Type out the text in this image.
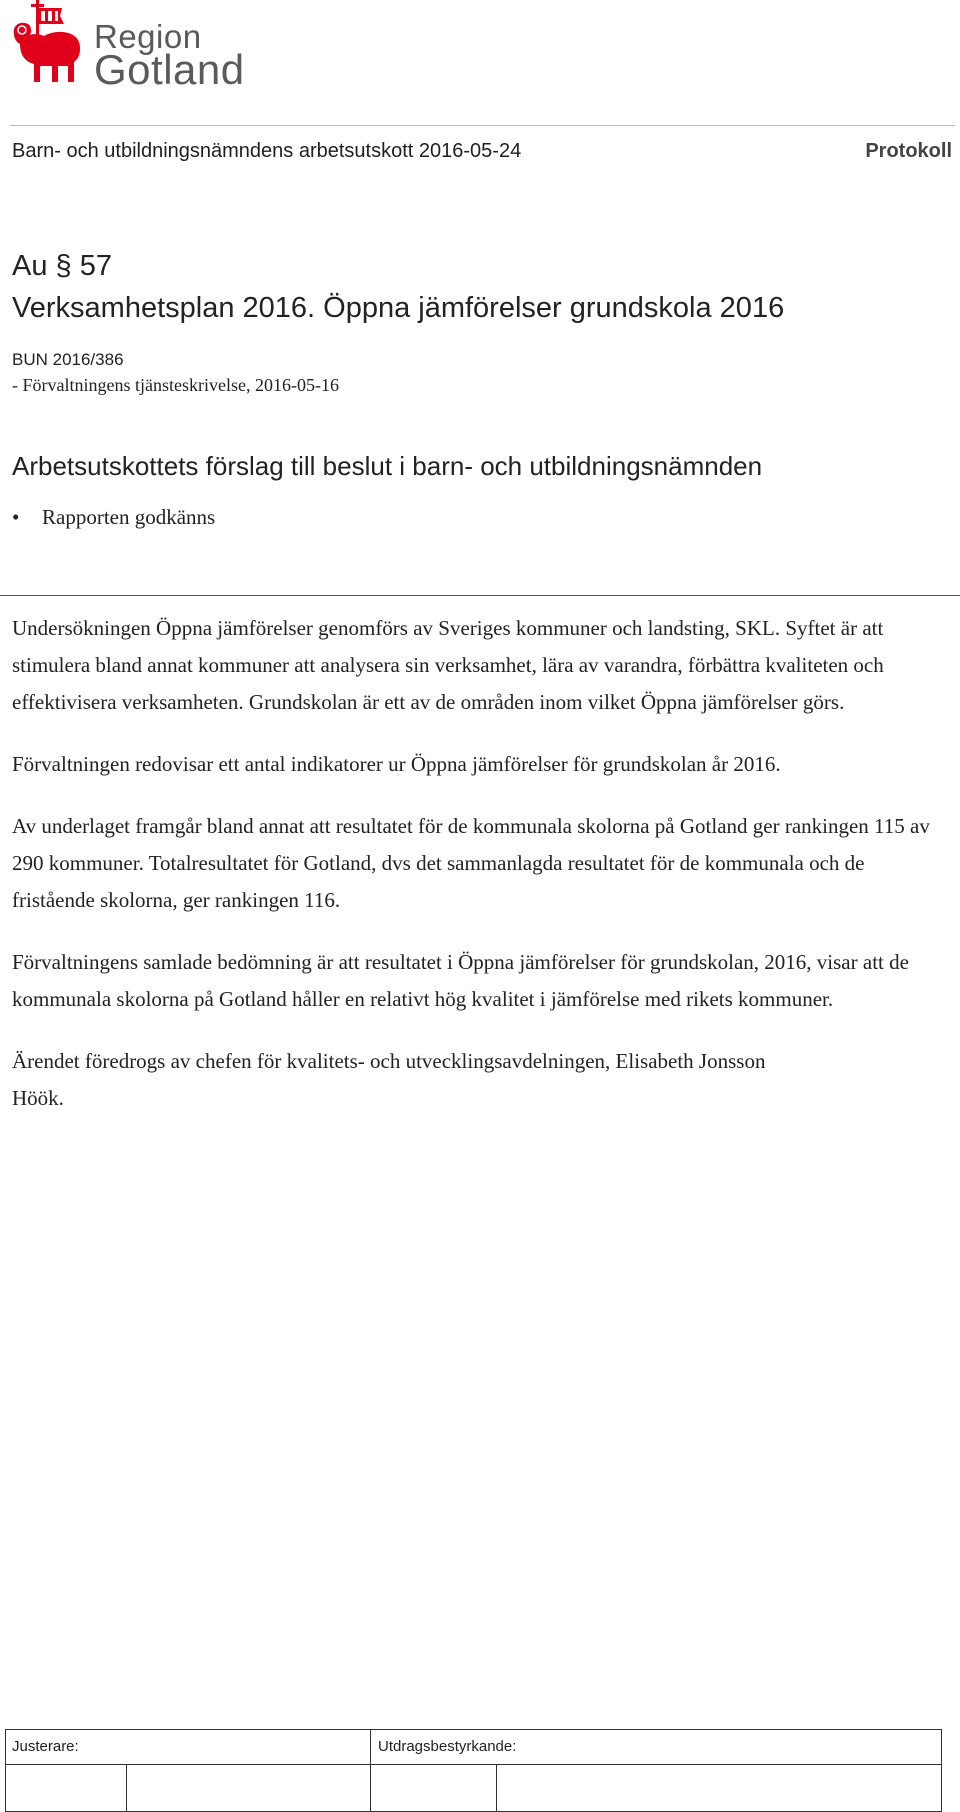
Region
Gotland
Barn- och utbildningsnämndens arbetsutskott 2016-05-24	Protokoll
Au § 57
Verksamhetsplan 2016. Öppna jämförelser grundskola 2016
BUN 2016/386
- Förvaltningens tjänsteskrivelse, 2016-05-16
Arbetsutskottets förslag till beslut i barn- och utbildningsnämnden
• Rapporten godkänns

Undersökningen Öppna jämförelser genomförs av Sveriges kommuner och landsting, SKL. Syftet är att stimulera bland annat kommuner att analysera sin verksamhet, lära av varandra, förbättra kvaliteten och effektivisera verksamheten. Grundskolan är ett av de områden inom vilket Öppna jämförelser görs.

Förvaltningen redovisar ett antal indikatorer ur Öppna jämförelser för grundskolan år 2016.

Av underlaget framgår bland annat att resultatet för de kommunala skolorna på Gotland ger rankingen 115 av 290 kommuner. Totalresultatet för Gotland, dvs det sammanlagda resultatet för de kommunala och de fristående skolorna, ger rankingen 116.

Förvaltningens samlade bedömning är att resultatet i Öppna jämförelser för grundskolan, 2016, visar att de kommunala skolorna på Gotland håller en relativt hög kvalitet i jämförelse med rikets kommuner.

Ärendet föredrogs av chefen för kvalitets- och utvecklingsavdelningen, Elisabeth Jonsson Höök.

Justerare:	Utdragsbestyrkande:
